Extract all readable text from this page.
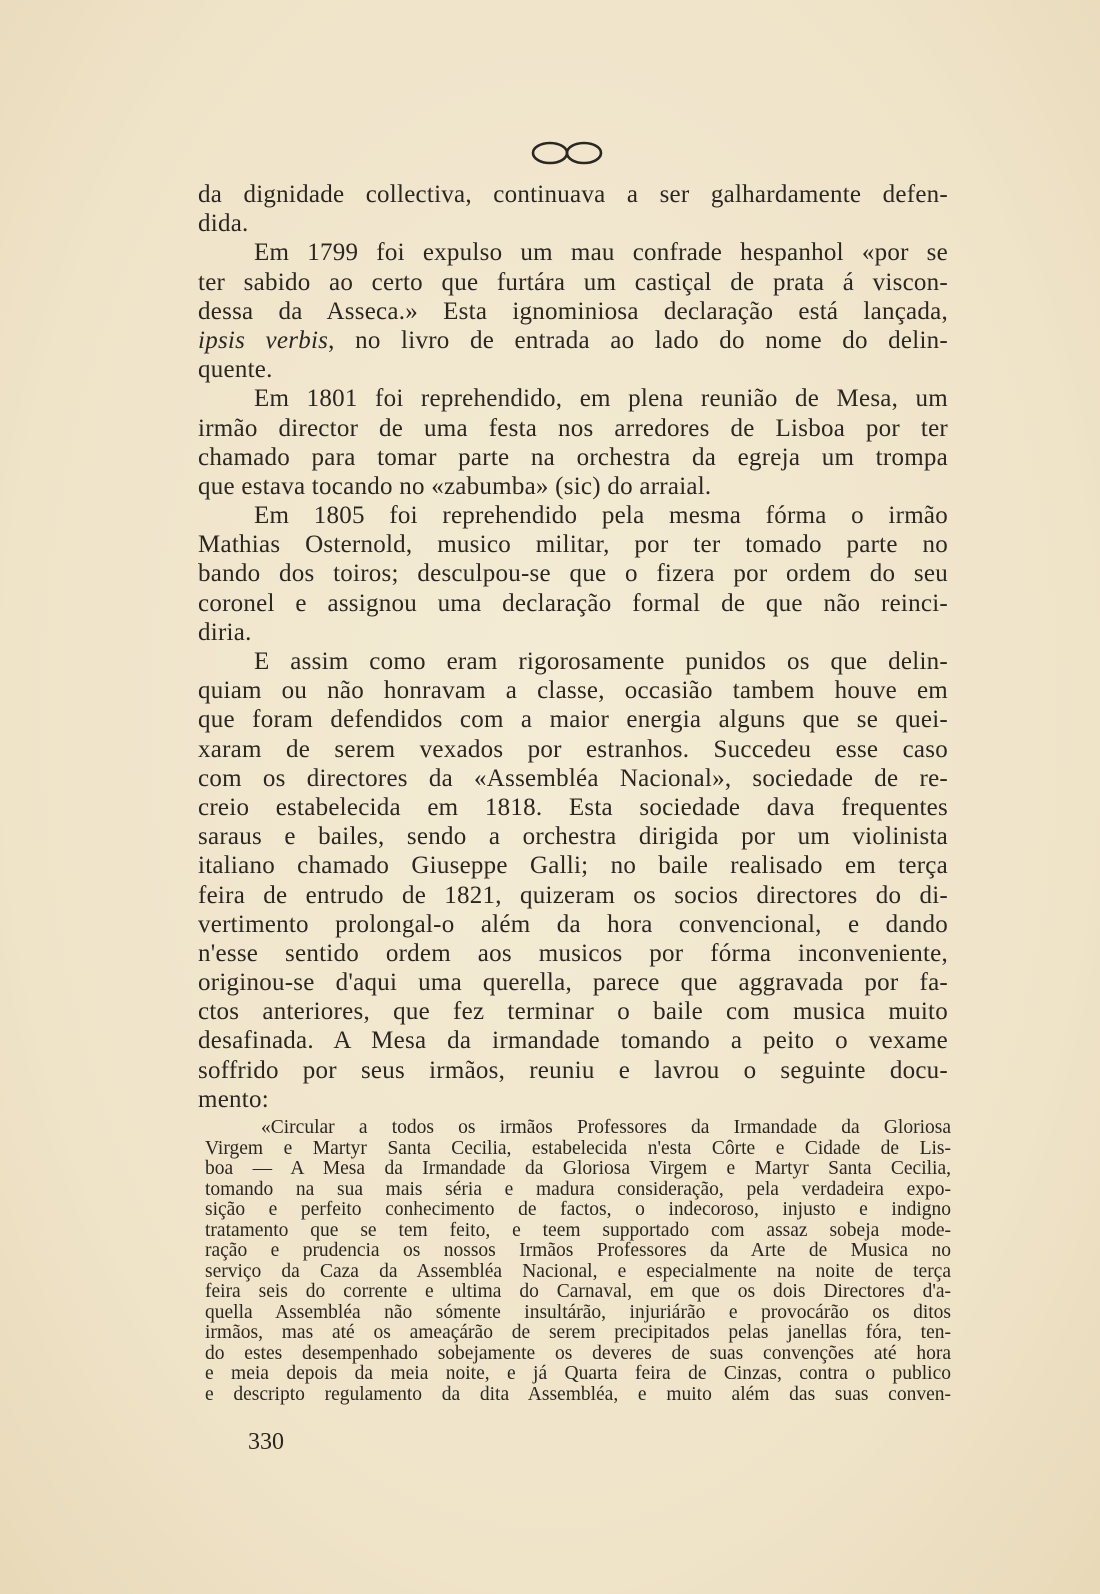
da dignidade collectiva, continuava a ser galhardamente defen-
dida.
Em 1799 foi expulso um mau confrade hespanhol «por se
ter sabido ao certo que furtára um castiçal de prata á viscon-
dessa da Asseca.» Esta ignominiosa declaração está lançada,
ipsis verbis, no livro de entrada ao lado do nome do delin-
quente.
Em 1801 foi reprehendido, em plena reunião de Mesa, um
irmão director de uma festa nos arredores de Lisboa por ter
chamado para tomar parte na orchestra da egreja um trompa
que estava tocando no «zabumba» (sic) do arraial.
Em 1805 foi reprehendido pela mesma fórma o irmão
Mathias Osternold, musico militar, por ter tomado parte no
bando dos toiros; desculpou-se que o fizera por ordem do seu
coronel e assignou uma declaração formal de que não reinci-
diria.
E assim como eram rigorosamente punidos os que delin-
quiam ou não honravam a classe, occasião tambem houve em
que foram defendidos com a maior energia alguns que se quei-
xaram de serem vexados por estranhos. Succedeu esse caso
com os directores da «Assembléa Nacional», sociedade de re-
creio estabelecida em 1818. Esta sociedade dava frequentes
saraus e bailes, sendo a orchestra dirigida por um violinista
italiano chamado Giuseppe Galli; no baile realisado em terça
feira de entrudo de 1821, quizeram os socios directores do di-
vertimento prolongal-o além da hora convencional, e dando
n'esse sentido ordem aos musicos por fórma inconveniente,
originou-se d'aqui uma querella, parece que aggravada por fa-
ctos anteriores, que fez terminar o baile com musica muito
desafinada. A Mesa da irmandade tomando a peito o vexame
soffrido por seus irmãos, reuniu e lavrou o seguinte docu-
mento:
«Circular a todos os irmãos Professores da Irmandade da Gloriosa
Virgem e Martyr Santa Cecilia, estabelecida n'esta Côrte e Cidade de Lis-
boa — A Mesa da Irmandade da Gloriosa Virgem e Martyr Santa Cecilia,
tomando na sua mais séria e madura consideração, pela verdadeira expo-
sição e perfeito conhecimento de factos, o indecoroso, injusto e indigno
tratamento que se tem feito, e teem supportado com assaz sobeja mode-
ração e prudencia os nossos Irmãos Professores da Arte de Musica no
serviço da Caza da Assembléa Nacional, e especialmente na noite de terça
feira seis do corrente e ultima do Carnaval, em que os dois Directores d'a-
quella Assembléa não sómente insultárão, injuriárão e provocárão os ditos
irmãos, mas até os ameaçárão de serem precipitados pelas janellas fóra, ten-
do estes desempenhado sobejamente os deveres de suas convenções até hora
e meia depois da meia noite, e já Quarta feira de Cinzas, contra o publico
e descripto regulamento da dita Assembléa, e muito além das suas conven-
330
